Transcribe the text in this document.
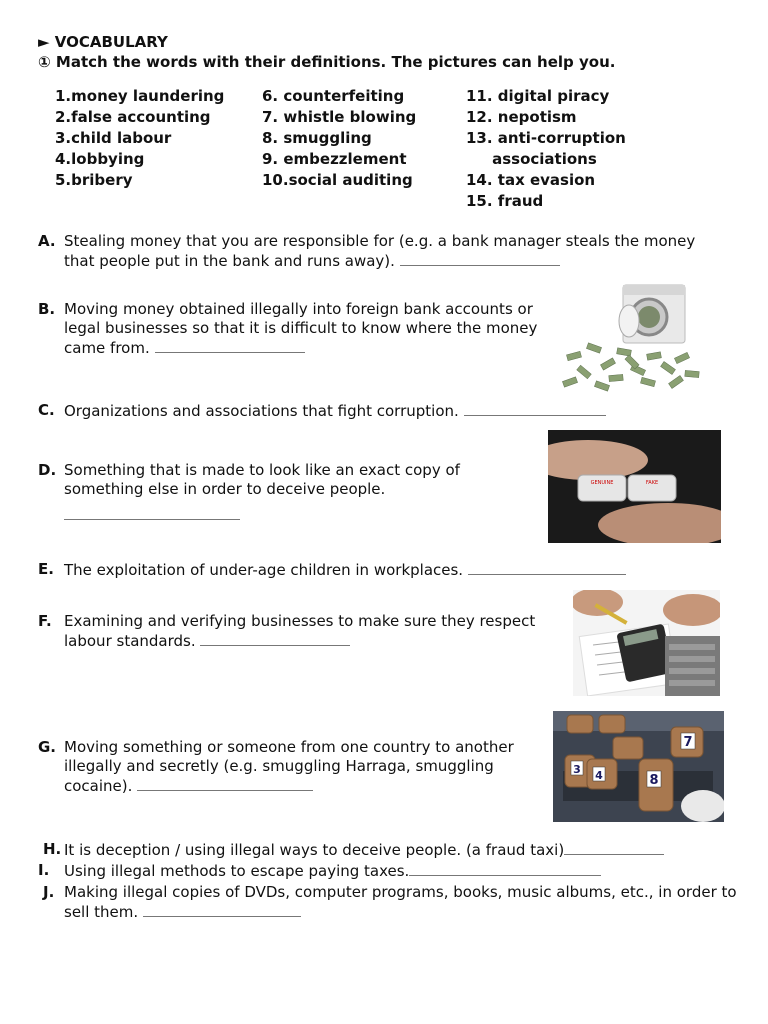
► VOCABULARY
① Match the words with their definitions. The pictures can help you.
1.money laundering
2.false accounting
3.child labour
4.lobbying
5.bribery
6. counterfeiting
7. whistle blowing
8. smuggling
9. embezzlement
10.social auditing
11. digital piracy
12. nepotism
13. anti-corruption
associations
14. tax evasion
15. fraud
A. Stealing money that you are responsible for (e.g. a bank manager steals the money that people put in the bank and runs away).
B. Moving money obtained illegally into foreign bank accounts or legal businesses so that it is difficult to know where the money came from.
C. Organizations and associations that fight corruption.
D. Something that is made to look like an exact copy of something else in order to deceive people.	GENUINE	FAKE
E. The exploitation of under-age children in workplaces.
F. Examining and verifying businesses to make sure they respect labour standards.
G. Moving something or someone from one country to another illegally and secretly (e.g. smuggling Harraga, smuggling cocaine).
7
3 4	8
H. It is deception / using illegal ways to deceive people. (a fraud taxi)
I. Using illegal methods to escape paying taxes.
J. Making illegal copies of DVDs, computer programs, books, music albums, etc., in order to sell them.
